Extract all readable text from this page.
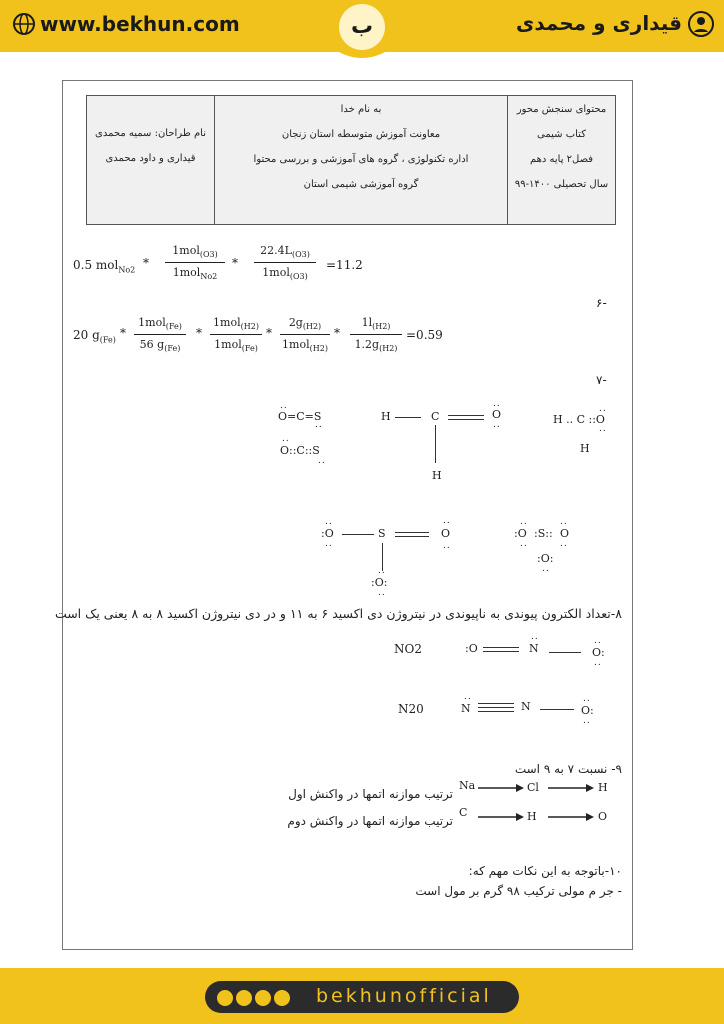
ب
www.bekhun.com	قیداری و محمدی
محتوای سنجش محور
کتاب شیمی
فصل۲ پایه دهم
سال تحصیلی ۱۴۰۰-۹۹

به نام خدا
معاونت آموزش متوسطه استان زنجان
اداره تکنولوژی ، گروه های آموزشی و بررسی محتوا
گروه آموزشی شیمی استان

نام طراحان: سمیه محمدی
قیداری و داود محمدی
0.5 mol$_{No2}$ *
1mol$_{(O3)}$
1mol$_{No2}$
*
$22.4L_{(O3)}$
1mol$_{(O3)}$
=11.2
-۶
20 $g_{(Fe)}$ *
1mol$_{(Fe)}$
56 $g_{(Fe)}$
*
1mol$_{(H2)}$
1mol$_{(Fe)}$
*
$2g_{(H2)}$
1mol$_{(H2)}$
* $\frac{1l_{(H2)}}{1.2g_{(H2)}} =0.59$
-۷
..
O=C=S
..
..
O::C::S
..
H	C
..
O
..
H
..
H .. C ::O
..
H
..
:O
..
S
..
O
..
:O:
..
..
..
:O :S::
..
O
..	..
:O:
..
۸-تعداد الکترون پیوندی به ناپیوندی در نیتروژن دی اکسید ۶ به ۱۱ و در دی نیتروژن اکسید ۸ به ۸ یعنی یک است
NO2	:O	N
..	..
O:
..
N20
..
N	N
..
O:
..
۹- نسبت ۷ به ۹ است
ترتیب موازنه اتمها در واکنش اول
Na	Cl	H
ترتیب موازنه اتمها در واکنش دوم
C	H	O
۱۰-باتوجه به این نکات مهم که:
- جر م مولی ترکیب ۹۸ گرم بر مول است
bekhunofficial
